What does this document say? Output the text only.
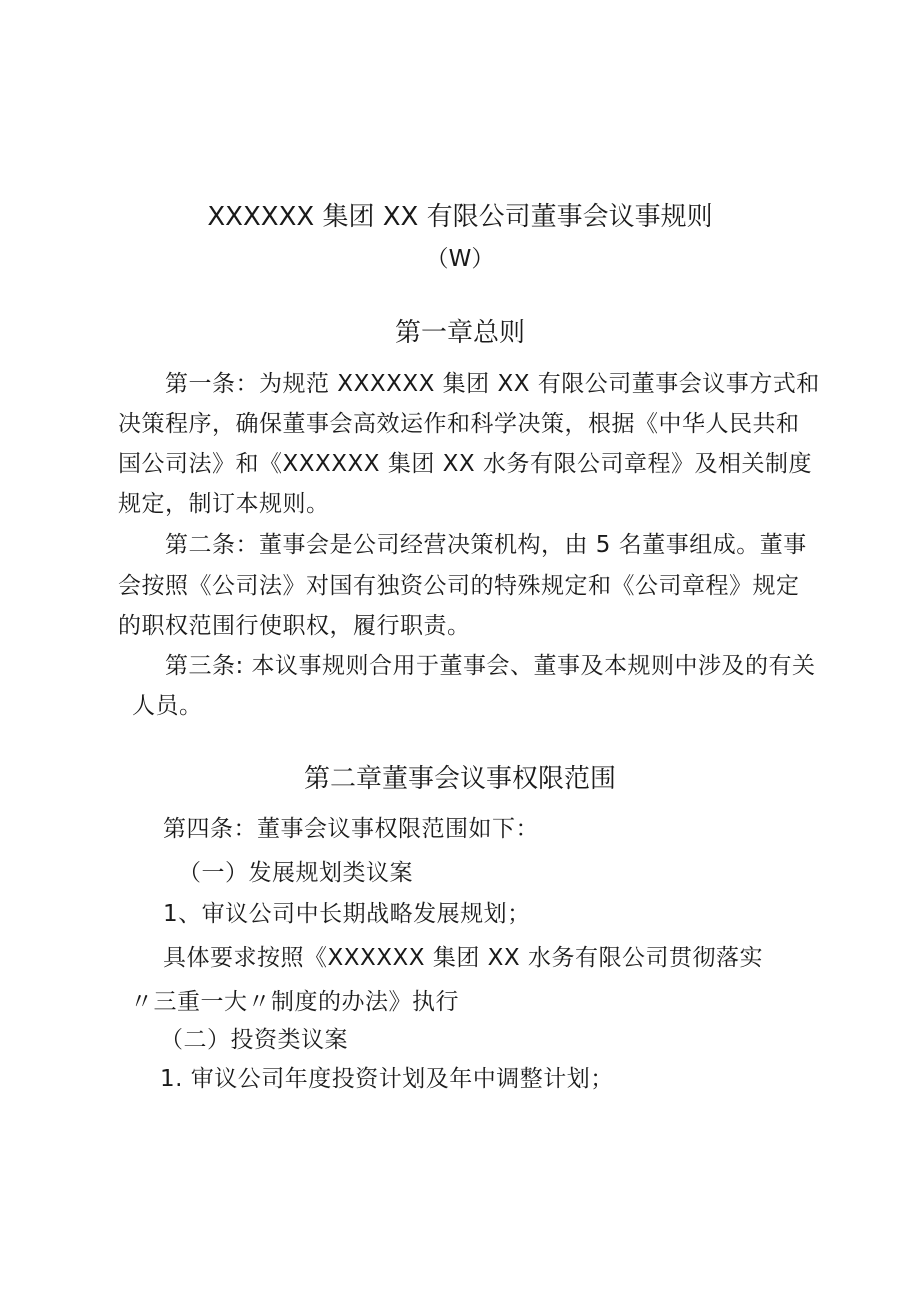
XXXXXX 集团 XX 有限公司董事会议事规则
（W）
第一章总则
第一条：为规范 XXXXXX 集团 XX 有限公司董事会议事方式和
决策程序，确保董事会高效运作和科学决策，根据《中华人民共和
国公司法》和《XXXXXX 集团 XX 水务有限公司章程》及相关制度
规定，制订本规则。
第二条：董事会是公司经营决策机构，由 5 名董事组成。董事
会按照《公司法》对国有独资公司的特殊规定和《公司章程》规定
的职权范围行使职权，履行职责。
第三条: 本议事规则合用于董事会、董事及本规则中涉及的有关
人员。
第二章董事会议事权限范围
第四条：董事会议事权限范围如下：
（一）发展规划类议案
1、审议公司中长期战略发展规划；
具体要求按照《XXXXXX 集团 XX 水务有限公司贯彻落实
〃三重一大〃制度的办法》执行
（二）投资类议案
1. 审议公司年度投资计划及年中调整计划；
